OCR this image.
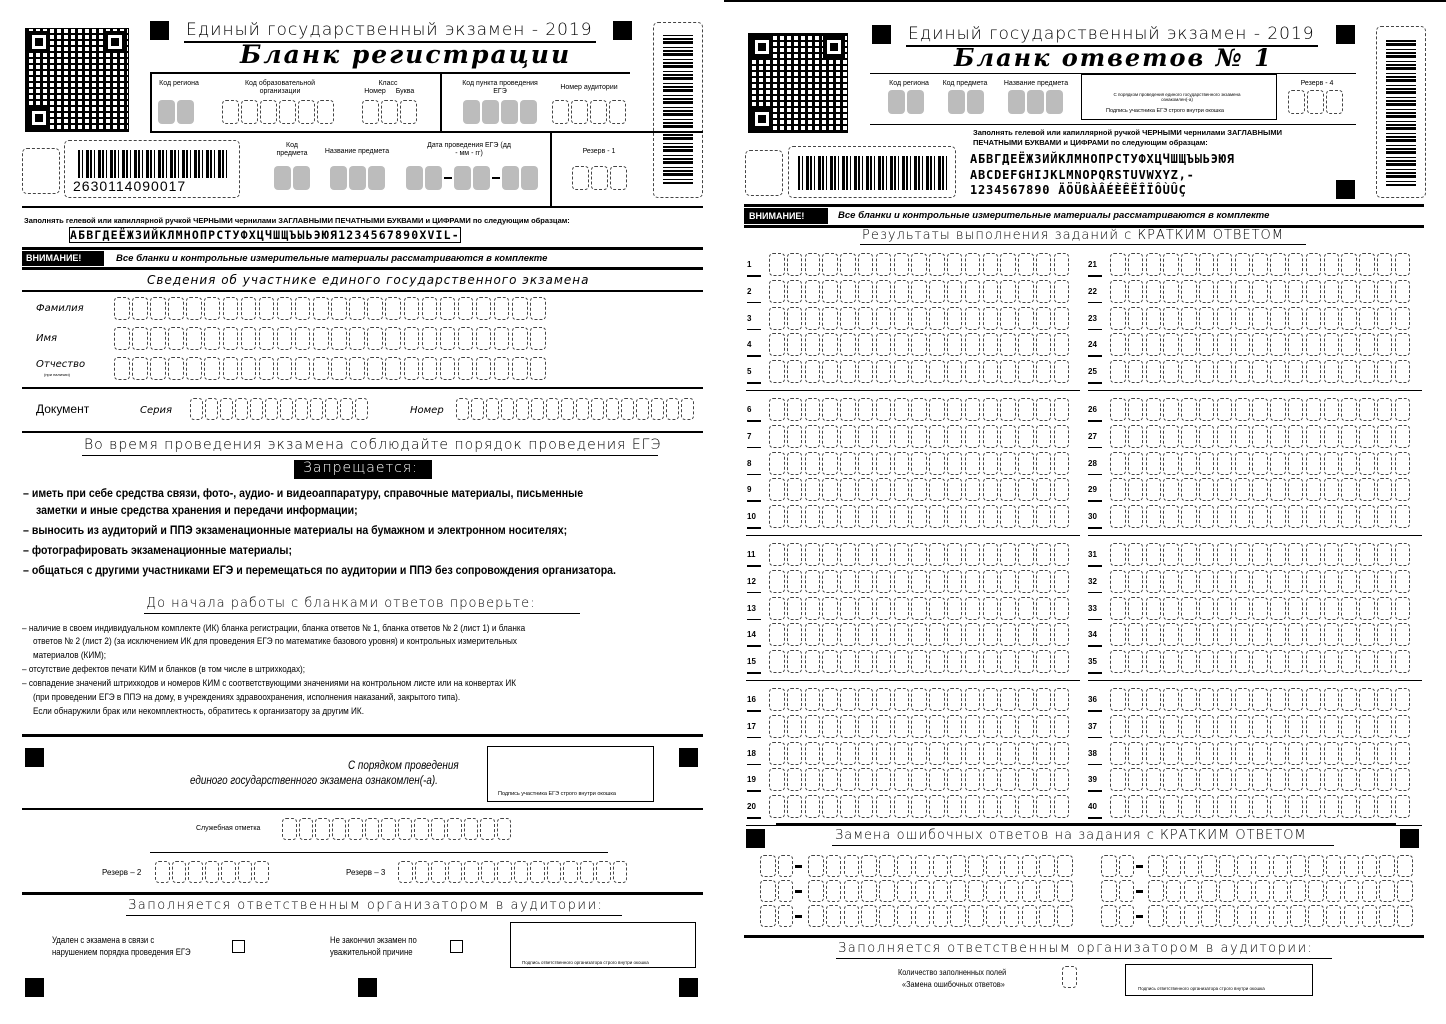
Единый государственный экзамен - 2019
Бланк регистрации
Код региона	Код образовательной организации
Класс
Номер	Буква
Код пункта проведения ЕГЭ
Номер аудитории
2630114090017
Код предмета	Название предмета
Дата проведения ЕГЭ (дд - мм - гг)	Резерв - 1
Заполнять гелевой или капиллярной ручкой ЧЕРНЫМИ чернилами ЗАГЛАВНЫМИ ПЕЧАТНЫМИ БУКВАМИ и ЦИФРАМИ по следующим образцам:
АБВГДЕЁЖЗИЙКЛМНОПРСТУФХЦЧШЩЪЫЬЭЮЯ1234567890XVIL-
ВНИМАНИЕ!	Все бланки и контрольные измерительные материалы рассматриваются в комплекте
Сведения об участнике единого государственного экзамена
Фамилия
Имя
Отчество
(при наличии)
Документ	Серия	Номер
Во время проведения экзамена соблюдайте порядок проведения ЕГЭ
Запрещается:
– иметь при себе средства связи, фото-, аудио- и видеоаппаратуру, справочные материалы, письменные
заметки и иные средства хранения и передачи информации;
– выносить из аудиторий и ППЭ экзаменационные материалы на бумажном и электронном носителях;
– фотографировать экзаменационные материалы;
– общаться с другими участниками ЕГЭ и перемещаться по аудитории и ППЭ без сопровождения организатора.
До начала работы с бланками ответов проверьте:
– наличие в своем индивидуальном комплекте (ИК) бланка регистрации, бланка ответов № 1, бланка ответов № 2 (лист 1) и бланка
ответов № 2 (лист 2) (за исключением ИК для проведения ЕГЭ по математике базового уровня) и контрольных измерительных
материалов (КИМ);
– отсутствие дефектов печати КИМ и бланков (в том числе в штрихкодах);
– совпадение значений штрихкодов и номеров КИМ с соответствующими значениями на контрольном листе или на конвертах ИК
(при проведении ЕГЭ в ППЭ на дому, в учреждениях здравоохранения, исполнения наказаний, закрытого типа).
Если обнаружили брак или некомплектность, обратитесь к организатору за другим ИК.
С порядком проведения
единого государственного экзамена ознакомлен(-а).
Подпись участника ЕГЭ строго внутри окошка
Служебная отметка
Резерв – 2	Резерв – 3
Заполняется ответственным организатором в аудитории:
Удален с экзамена в связи с
нарушением порядка проведения ЕГЭ
Не закончил экзамен по
уважительной причине
Подпись ответственного организатора строго внутри окошка
Единый государственный экзамен - 2019
Бланк ответов № 1
Код региона	Код предмета	Название предмета	Резерв - 4
С порядком проведения единого государственного экзамена ознакомлен(-а)
Подпись участника ЕГЭ строго внутри окошка
Заполнять гелевой или капиллярной ручкой ЧЕРНЫМИ чернилами ЗАГЛАВНЫМИ
ПЕЧАТНЫМИ БУКВАМИ и ЦИФРАМИ по следующим образцам:
АБВГДЕЁЖЗИЙКЛМНОПРСТУФХЦЧШЩЪЫЬЭЮЯ
ABCDEFGHIJKLMNOPQRSTUVWXYZ,-
1234567890 ÄÖÜßÀÂÉÈÊËÎÏÔÙÛÇ
ВНИМАНИЕ!	Все бланки и контрольные измерительные материалы рассматриваются в комплекте
Результаты выполнения заданий с КРАТКИМ ОТВЕТОМ
1	21
2	22
3	23
4	24
5	25
6	26
7	27
8	28
9	29
10	30
11	31
12	32
13	33
14	34
15	35
16	36
17	37
18	38
19	39
20	40
Замена ошибочных ответов на задания с КРАТКИМ ОТВЕТОМ
Заполняется ответственным организатором в аудитории:
Количество заполненных полей
«Замена ошибочных ответов»	Подпись ответственного организатора строго внутри окошка
